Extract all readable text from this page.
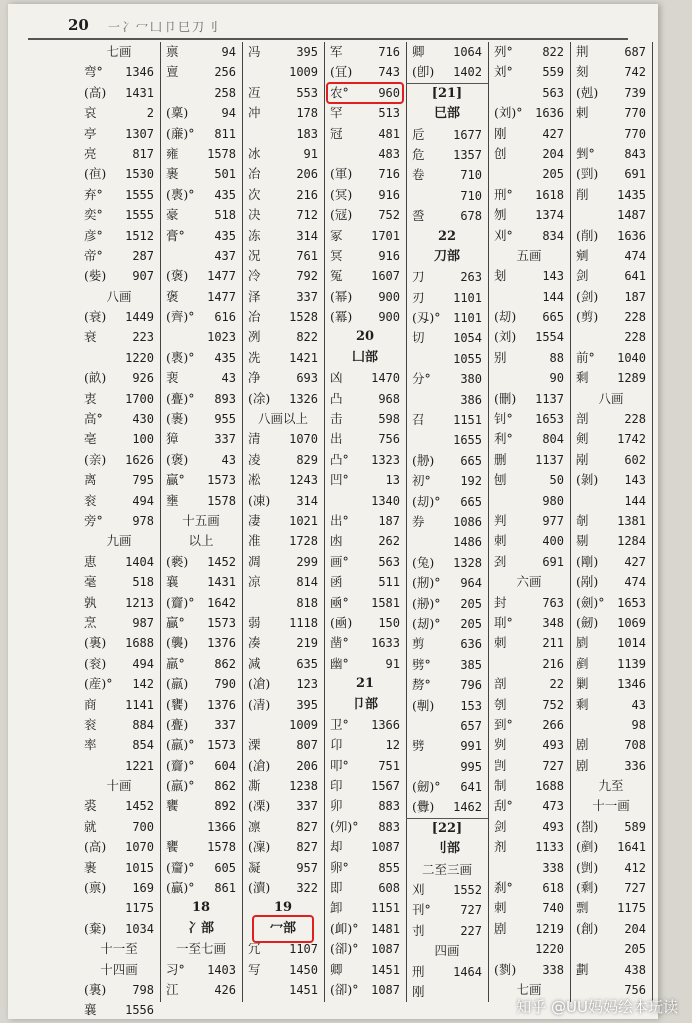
20 一冫冖凵卩巳刀刂
七画
弯° 1346
(高) 1431
哀	2
亭 1307
亮	817
(亱) 1530
弃° 1555
奕° 1555
彦° 1512
帝° 287
(姕) 907
八画
(衰) 1449
衰	223
1220
(畝) 926
衷 1700
高° 430
亳	100
(亲) 1626
离	795
衮	494
旁° 978
九画
恵 1404
毫	518
孰 1213
烹	987
(裏) 1688
(衮) 494
(産)° 142
商 1141
衮	884
率	854
1221
十画
裘 1452
就	700
(高) 1070
裹 1015
(禀) 169
1175
(棄) 1034
十一至
十四画
(裏) 798
襄 1556
禀	94
亶	256
258
(稟)	94
(亷)° 811
雍 1578
裹	501
(褭)° 435
豪	518
膏° 435
437
(褒) 1477
褒 1477
(齊)° 616
1023
(褭)° 435
裵	43
(亹)° 893
(裹) 955
獐	337
(褒)	43
贏° 1573
壅 1578
十五画
以上
(褻) 1452
襄 1431
(齎)° 1642
贏° 1573
(襲) 1376
羸° 862
(羸) 790
(饔) 1376
(亹) 337
(羸)° 1573
(齎)° 604
(羸)° 862
饔	892
1366
饔 1578
(齏)° 605
(贏)° 861
18
冫部
一至七画
习° 1403
江	426
冯	395
1009
冱	553
冲	178
183
冰	91
冶	206
次	216
决	712
冻	314
况	761
冷	792
泽	337
冶 1528
冽	822
冼 1421
净	693
(凃) 1326
八画以上
清 1070
凌	829
凇 1243
(凍) 314
凄 1021
准 1728
凋	299
凉	814
818
弱 1118
凑	219
减	635
(凔) 123
(凊) 395
1009
溧	807
(凔) 206
凘 1238
(凓) 337
凛	827
(凜) 827
凝	957
(瀆) 322
19
冖部
冗 1107
写 1450
1451
军	716
(冝) 743
农° 960
罕	513
冠	481
483
(軍) 716
(冥) 916
(冦) 752
冢 1701
冥	916
冤 1607
(幂) 900
(冪) 900
20
凵部
凶 1470
凸	968
击	598
出	756
凸° 1323
凹°	13
1340
出° 187
凼	262
画° 563
函	511
凾° 1581
(凾) 150
凿° 1633
幽°	91
21
卩部
卫° 1366
卬	12
叩° 751
印 1567
卯	883
(夘)° 883
却 1087
卵° 855
即	608
卸 1151
(卹)° 1481
(卻)° 1087
卿 1451
(卻)° 1087
卿 1064
(卽) 1402
[21]
巳部
卮 1677
危 1357
卷	710
710
巹	678
22
刀部
刀	263
刃 1101
(刄)° 1101
切 1054
1055
分° 380
386
召 1151
1655
(刱) 665
初° 192
(刧)° 665
券 1086
1486
(兔) 1328
(剏)° 964
(剙)° 205
(刼)° 205
剪	636
劈° 385
剺° 796
(剸) 153
657
劈	991
995
(劒)° 641
(釁) 1462
[22]
刂部
二至三画
刈 1552
刊° 727
刌	227
四画
刑 1464
刚
列° 822
刘° 559
563
(刘)° 1636
刚	427
创	204
205
刑° 1618
刎 1374
刈° 834
五画
刬	143
144
(刧) 665
(刘) 1554
别	88
90
(刪) 1137
钊° 1653
利° 804
删 1137
刨	50
980
判	977
刺	400
刭	691
六画
封	763
刵° 348
刺	211
216
剖	22
刳	752
到° 266
刿	493
剀	727
制 1688
刮° 473
剑	493
剂 1133
338
刹° 618
刺	740
剧 1219
1220
(剹) 338
七画
荆	687
刻	742
(剋) 739
剌	770
770
剉° 843
(剄) 691
削 1435
1487
(削) 1636
剜	474
剑	641
(剑) 187
(剪) 228
228
前° 1040
剩 1289
八画
剖	228
剣 1742
剐	602
(剝) 143
144
剞 1381
剔 1284
(剛) 427
(剐) 474
(劍)° 1653
(劒) 1069
剭 1014
剷 1139
剿 1346
剩	43
98
剧	708
剧	336
九至
十一画
(剳) 589
(剷) 1641
(剴) 412
(剩) 727
剽 1175
(創) 204
205
劃	438
756
知乎 @UU妈妈绘本玩读
